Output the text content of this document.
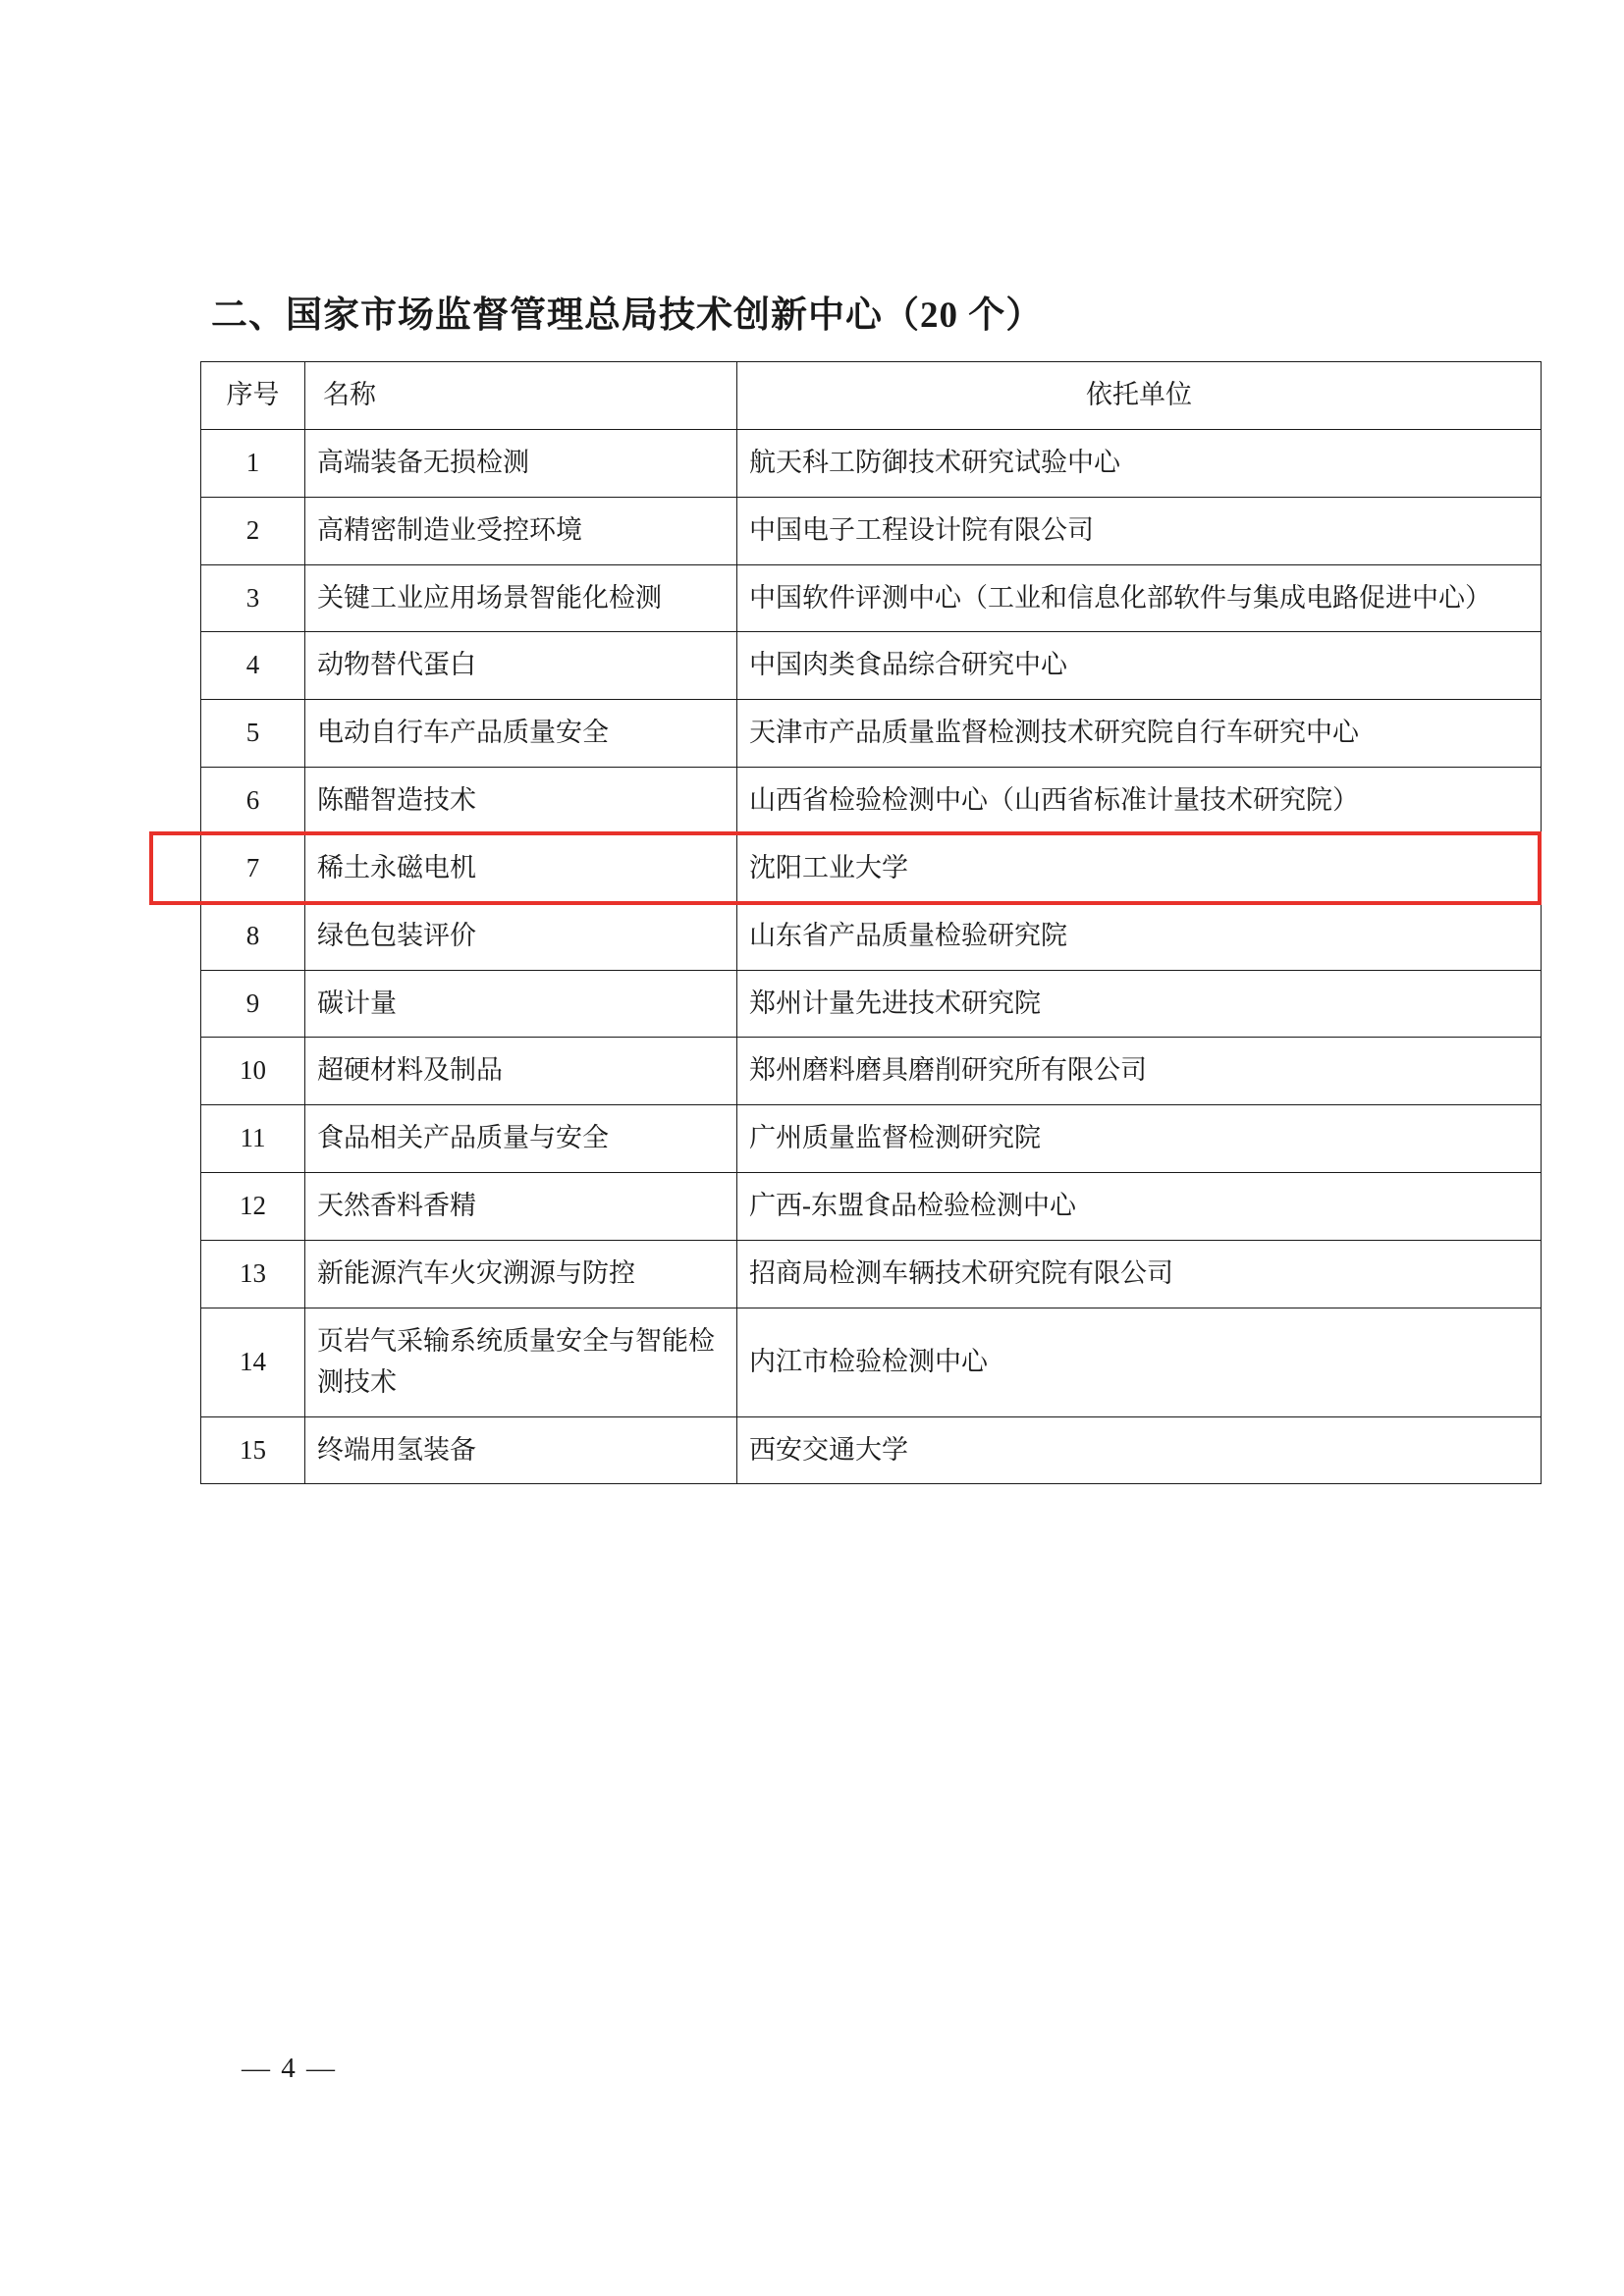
二、国家市场监督管理总局技术创新中心（20 个）
序号	名称	依托单位
1	高端装备无损检测	航天科工防御技术研究试验中心
2	高精密制造业受控环境	中国电子工程设计院有限公司
3	关键工业应用场景智能化检测	中国软件评测中心（工业和信息化部软件与集成电路促进中心）
4	动物替代蛋白	中国肉类食品综合研究中心
5	电动自行车产品质量安全	天津市产品质量监督检测技术研究院自行车研究中心
6	陈醋智造技术	山西省检验检测中心（山西省标准计量技术研究院）
7	稀土永磁电机	沈阳工业大学
8	绿色包装评价	山东省产品质量检验研究院
9	碳计量	郑州计量先进技术研究院
10	超硬材料及制品	郑州磨料磨具磨削研究所有限公司
11	食品相关产品质量与安全	广州质量监督检测研究院
12	天然香料香精	广西-东盟食品检验检测中心
13	新能源汽车火灾溯源与防控	招商局检测车辆技术研究院有限公司
14	页岩气采输系统质量安全与智能检测技术	内江市检验检测中心
15	终端用氢装备	西安交通大学
— 4 —
